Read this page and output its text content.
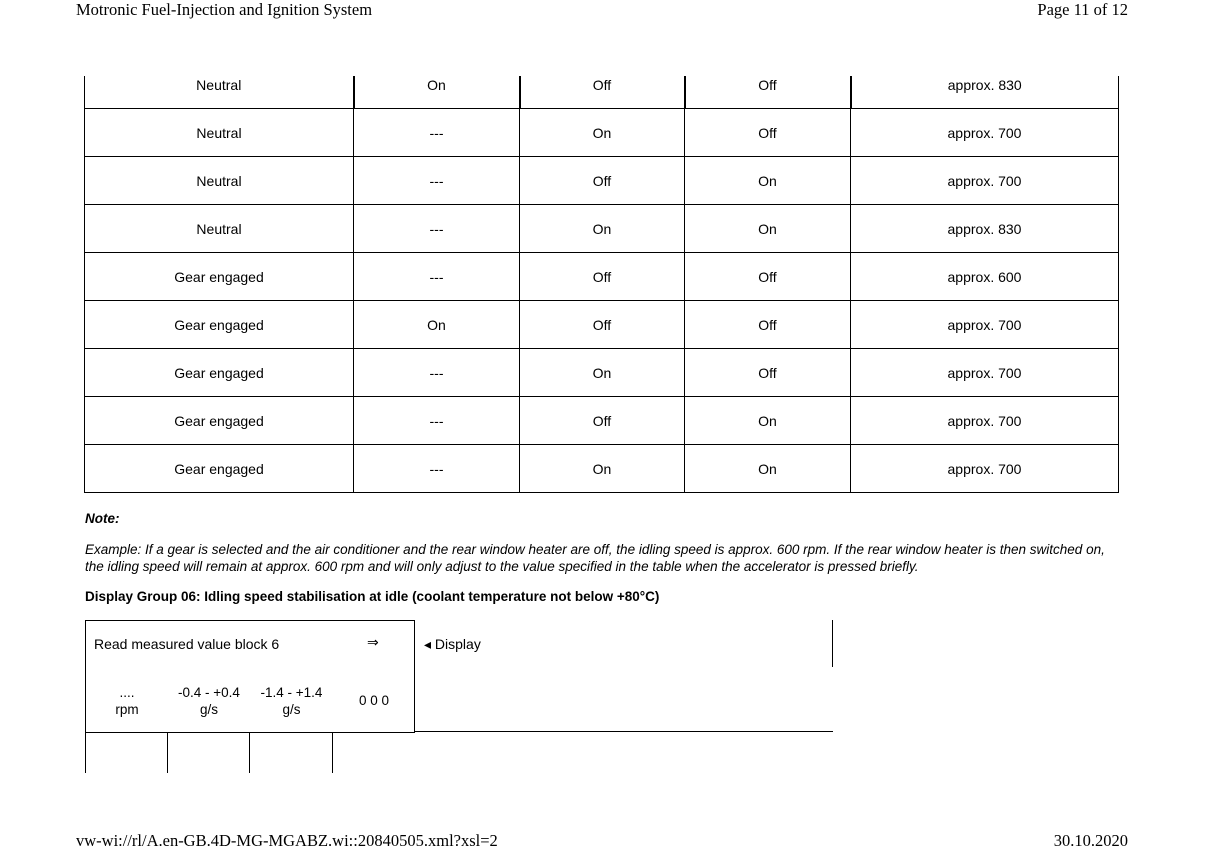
Motronic Fuel-Injection and Ignition System	Page 11 of 12
Neutral	On	Off	Off	approx. 830
Neutral	---	On	Off	approx. 700
Neutral	---	Off	On	approx. 700
Neutral	---	On	On	approx. 830
Gear engaged	---	Off	Off	approx. 600
Gear engaged	On	Off	Off	approx. 700
Gear engaged	---	On	Off	approx. 700
Gear engaged	---	Off	On	approx. 700
Gear engaged	---	On	On	approx. 700
Note:
Example: If a gear is selected and the air conditioner and the rear window heater are off, the idling speed is approx. 600 rpm. If the rear window heater is then switched on, the idling speed will remain at approx. 600 rpm and will only adjust to the value specified in the table when the accelerator is pressed briefly.
Display Group 06: Idling speed stabilisation at idle (coolant temperature not below +80°C)
Read measured value block 6	⇒
....
rpm
-0.4 - +0.4
g/s
-1.4 - +1.4
g/s
0 0 0
◂ Display
vw-wi://rl/A.en-GB.4D-MG-MGABZ.wi::20840505.xml?xsl=2	30.10.2020
